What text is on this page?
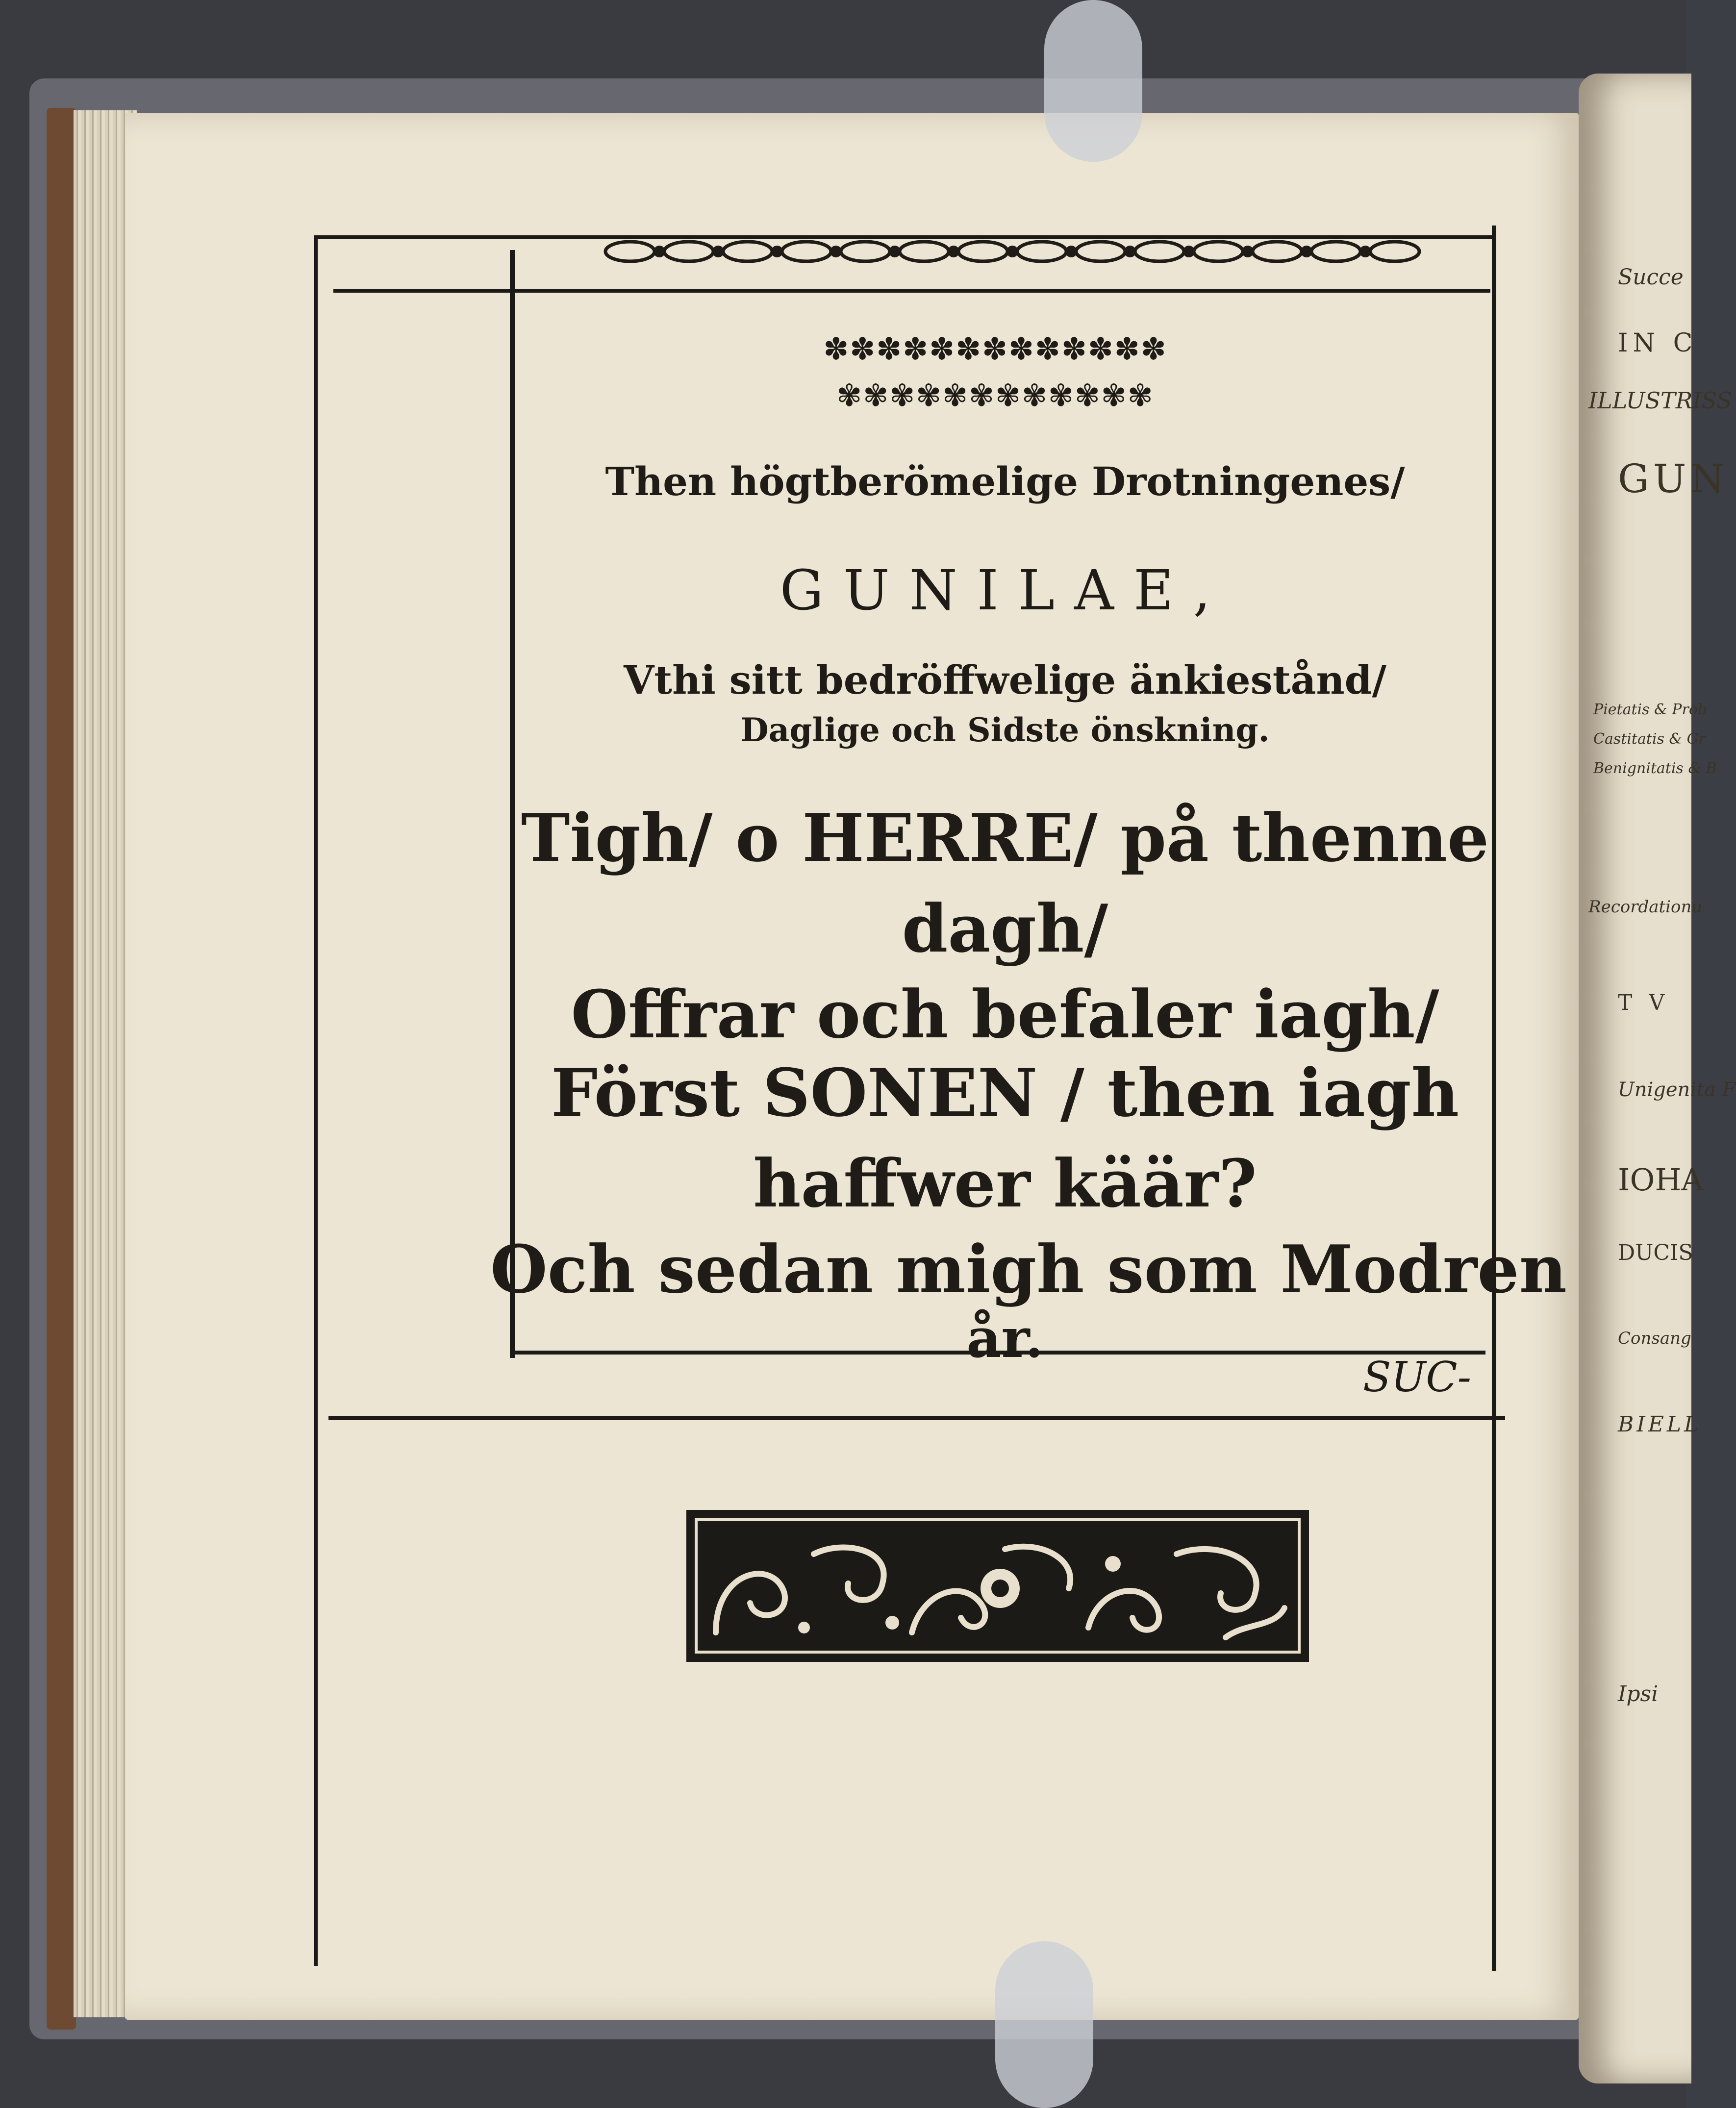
Succe
IN C
ILLUSTRISS
GUN
Pietatis & Prob
Castitatis & Gr
Benignitatis & B
Recordationu
T V
Unigenita F
IOHA
DUCIS
Consang
BIELL
Ipsi
✽✽✽✽✽✽✽✽✽✽✽✽✽
✾✾✾✾✾✾✾✾✾✾✾✾
Then högtberömelige Drotningenes/
GUNILAE,
Vthi sitt bedröffwelige änkiestånd/
Daglige och Sidste önskning.
Tigh/ o HERRE/ på thenne
dagh/
Offrar och befaler iagh/
Först SONEN / then iagh
haffwer käär?
Och sedan migh som Modren
år.
SUC-
